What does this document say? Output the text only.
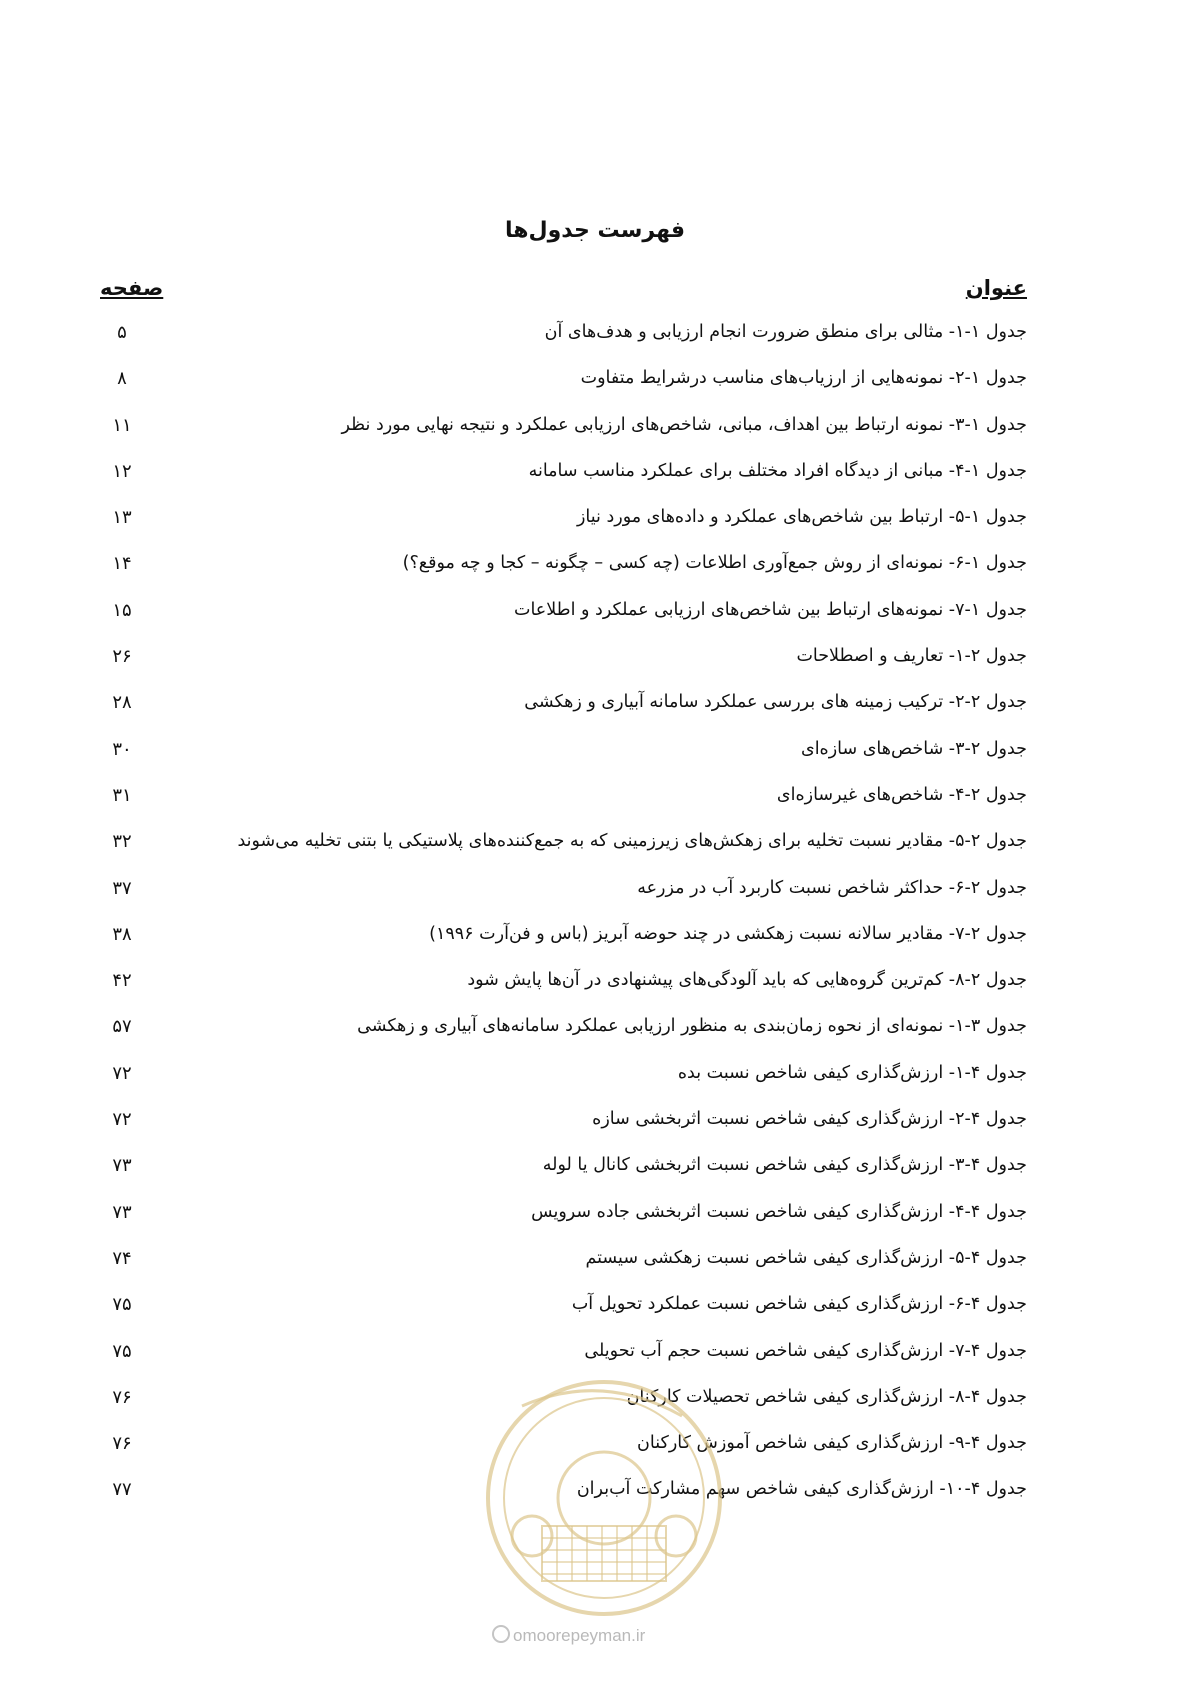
فهرست جدول‌ها
عنوان
صفحه
جدول ۱-۱- مثالی برای منطق ضرورت انجام ارزیابی و هدف‌های آن
۵
جدول ۱-۲- نمونه‌هایی از ارزیاب‌های مناسب درشرایط متفاوت
۸
جدول ۱-۳- نمونه ارتباط بین اهداف، مبانی، شاخص‌های ارزیابی عملکرد و نتیجه نهایی مورد نظر
۱۱
جدول ۱-۴- مبانی از دیدگاه افراد مختلف برای عملکرد مناسب سامانه
۱۲
جدول ۱-۵- ارتباط بین شاخص‌های عملکرد و داده‌های مورد نیاز
۱۳
جدول ۱-۶- نمونه‌ای از روش جمع‌آوری اطلاعات (چه کسی – چگونه – کجا و چه موقع؟)
۱۴
جدول ۱-۷- نمونه‌های ارتباط بین شاخص‌های ارزیابی عملکرد و اطلاعات
۱۵
جدول ۲-۱- تعاریف و اصطلاحات
۲۶
جدول ۲-۲- ترکیب زمینه های بررسی عملکرد سامانه آبیاری و زهکشی
۲۸
جدول ۲-۳- شاخص‌های سازه‌ای
۳۰
جدول ۲-۴- شاخص‌های غیرسازه‌ای
۳۱
جدول ۲-۵- مقادیر نسبت تخلیه برای زهکش‌های زیرزمینی که به جمع‌کننده‌های پلاستیکی یا بتنی تخلیه می‌شوند
۳۲
جدول ۲-۶- حداکثر شاخص نسبت کاربرد آب در مزرعه
۳۷
جدول ۲-۷- مقادیر سالانه نسبت زهکشی در چند حوضه آبریز (باس و فن‌آرت ۱۹۹۶)
۳۸
جدول ۲-۸- کم‌ترین گروه‌هایی که باید آلودگی‌های پیشنهادی در آن‌ها پایش شود
۴۲
جدول ۳-۱- نمونه‌ای از نحوه زمان‌بندی به منظور ارزیابی عملکرد سامانه‌های آبیاری و زهکشی
۵۷
جدول ۴-۱- ارزش‌گذاری کیفی شاخص نسبت بده
۷۲
جدول ۴-۲- ارزش‌گذاری کیفی شاخص نسبت اثربخشی سازه
۷۲
جدول ۴-۳- ارزش‌گذاری کیفی شاخص نسبت اثربخشی کانال یا لوله
۷۳
جدول ۴-۴- ارزش‌گذاری کیفی شاخص نسبت اثربخشی جاده سرویس
۷۳
جدول ۴-۵- ارزش‌گذاری کیفی شاخص نسبت زهکشی سیستم
۷۴
جدول ۴-۶- ارزش‌گذاری کیفی شاخص نسبت عملکرد تحویل آب
۷۵
جدول ۴-۷- ارزش‌گذاری کیفی شاخص نسبت حجم آب تحویلی
۷۵
جدول ۴-۸- ارزش‌گذاری کیفی شاخص تحصیلات کارکنان
۷۶
جدول ۴-۹- ارزش‌گذاری کیفی شاخص آموزش کارکنان
۷۶
جدول ۴-۱۰- ارزش‌گذاری کیفی شاخص سهم مشارکت آب‌بران
۷۷
omoorepeyman.ir
